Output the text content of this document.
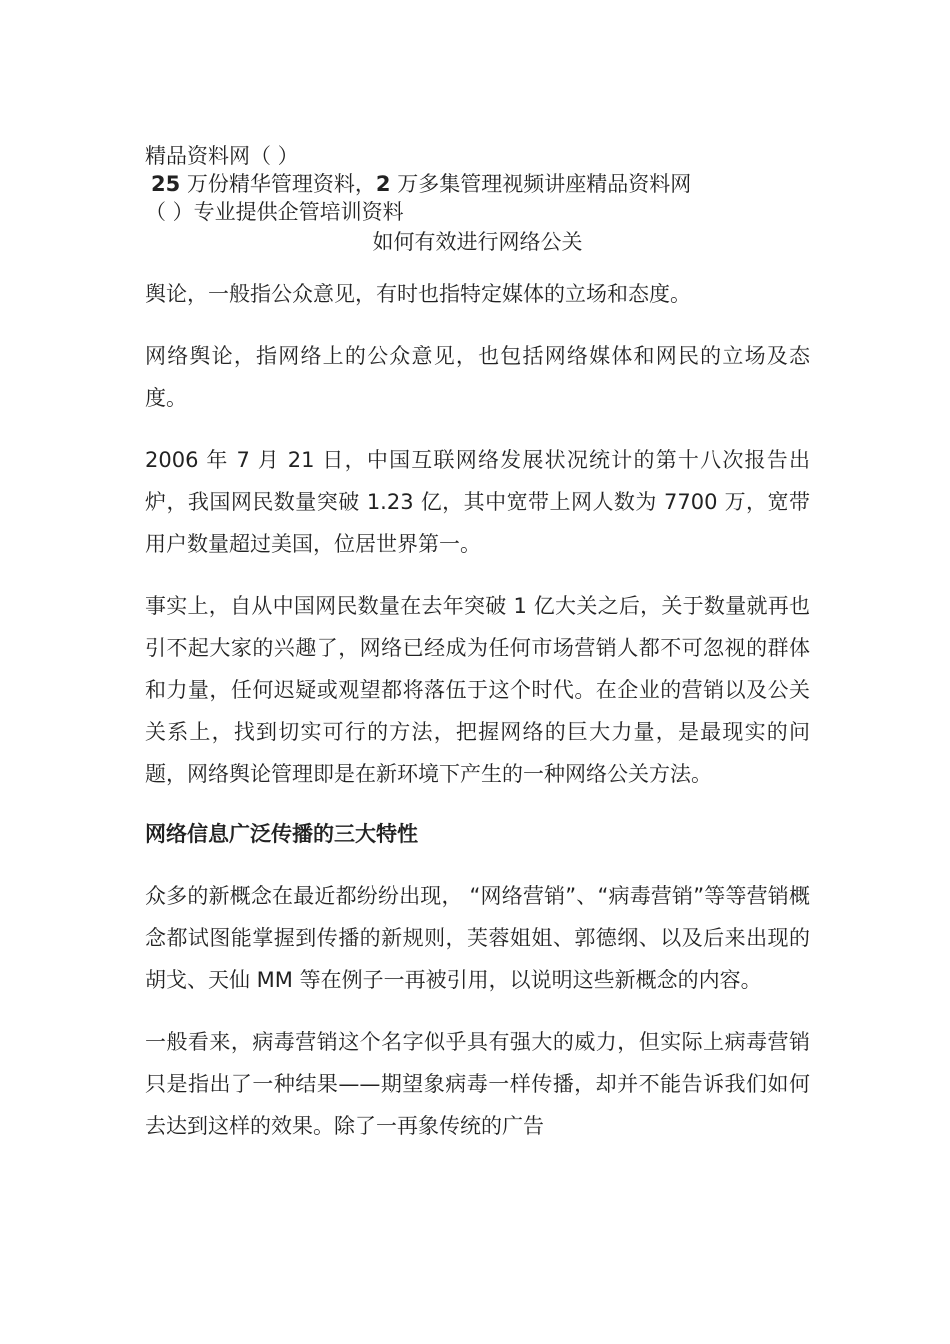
精品资料网（ ）

25 万份精华管理资料，2 万多集管理视频讲座精品资料网

（ ）专业提供企管培训资料

如何有效进行网络公关

舆论，一般指公众意见，有时也指特定媒体的立场和态度。

网络舆论，指网络上的公众意见，也包括网络媒体和网民的立场及态度。

2006 年 7 月 21 日，中国互联网络发展状况统计的第十八次报告出炉，我国网民数量突破 1.23 亿，其中宽带上网人数为 7700 万，宽带用户数量超过美国，位居世界第一。

事实上，自从中国网民数量在去年突破 1 亿大关之后，关于数量就再也引不起大家的兴趣了，网络已经成为任何市场营销人都不可忽视的群体和力量，任何迟疑或观望都将落伍于这个时代。在企业的营销以及公关关系上，找到切实可行的方法，把握网络的巨大力量，是最现实的问题，网络舆论管理即是在新环境下产生的一种网络公关方法。

网络信息广泛传播的三大特性

众多的新概念在最近都纷纷出现， “网络营销”、“病毒营销”等等营销概念都试图能掌握到传播的新规则，芙蓉姐姐、郭德纲、以及后来出现的胡戈、天仙 MM 等在例子一再被引用，以说明这些新概念的内容。

一般看来，病毒营销这个名字似乎具有强大的威力，但实际上病毒营销只是指出了一种结果——期望象病毒一样传播，却并不能告诉我们如何去达到这样的效果。除了一再象传统的广告
